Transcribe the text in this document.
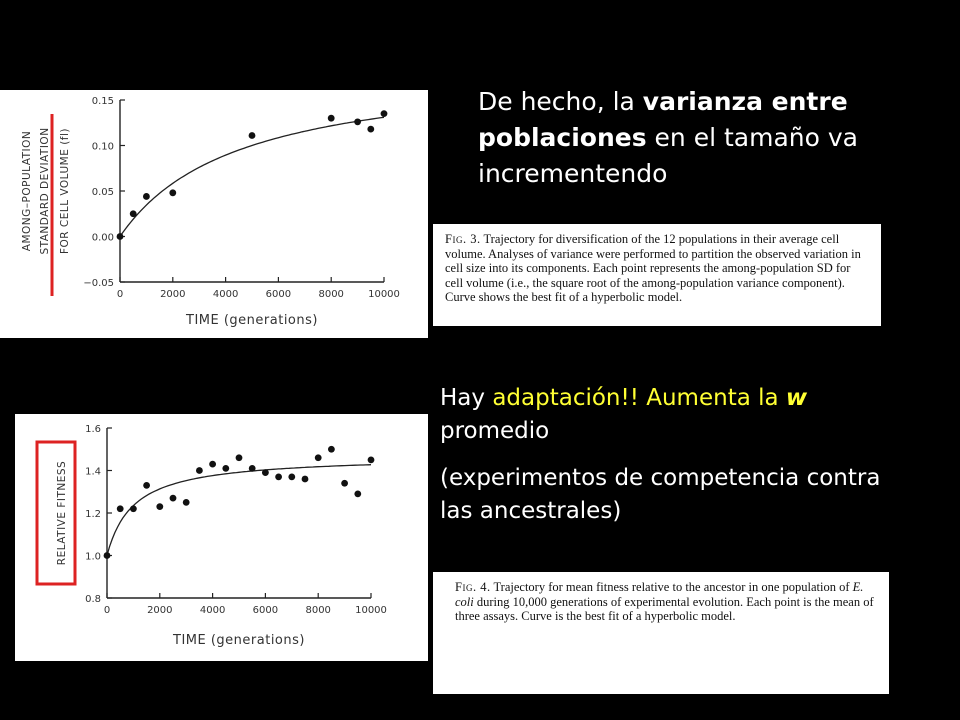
−0.05
0.00
0.05
0.10
0.15
0	2000	4000	6000	8000 10000
TIME (generations)
AMONG–POPULATION STANDARD DEVIATION FOR CELL VOLUME (fl)	Fig. 3. Trajectory for diversification of the 12 populations in their average cell volume. Analyses of variance were performed to partition the observed variation in cell size into its components. Each point represents the among-population SD for cell volume (i.e., the square root of the among-population variance component). Curve shows the best fit of a hyperbolic model.
De hecho, la varianza entre poblaciones en el tamaño va incrementendo
0.8
1.0
1.2
1.4
1.6
0	2000	4000	6000	8000 10000
TIME (generations)
RELATIVE FITNESS

Hay adaptación!! Aumenta la w promedio

(experimentos de competencia contra las ancestrales)

Fig. 4. Trajectory for mean fitness relative to the ancestor in one population of E. coli during 10,000 generations of experimental evolution. Each point is the mean of three assays. Curve is the best fit of a hyperbolic model.
